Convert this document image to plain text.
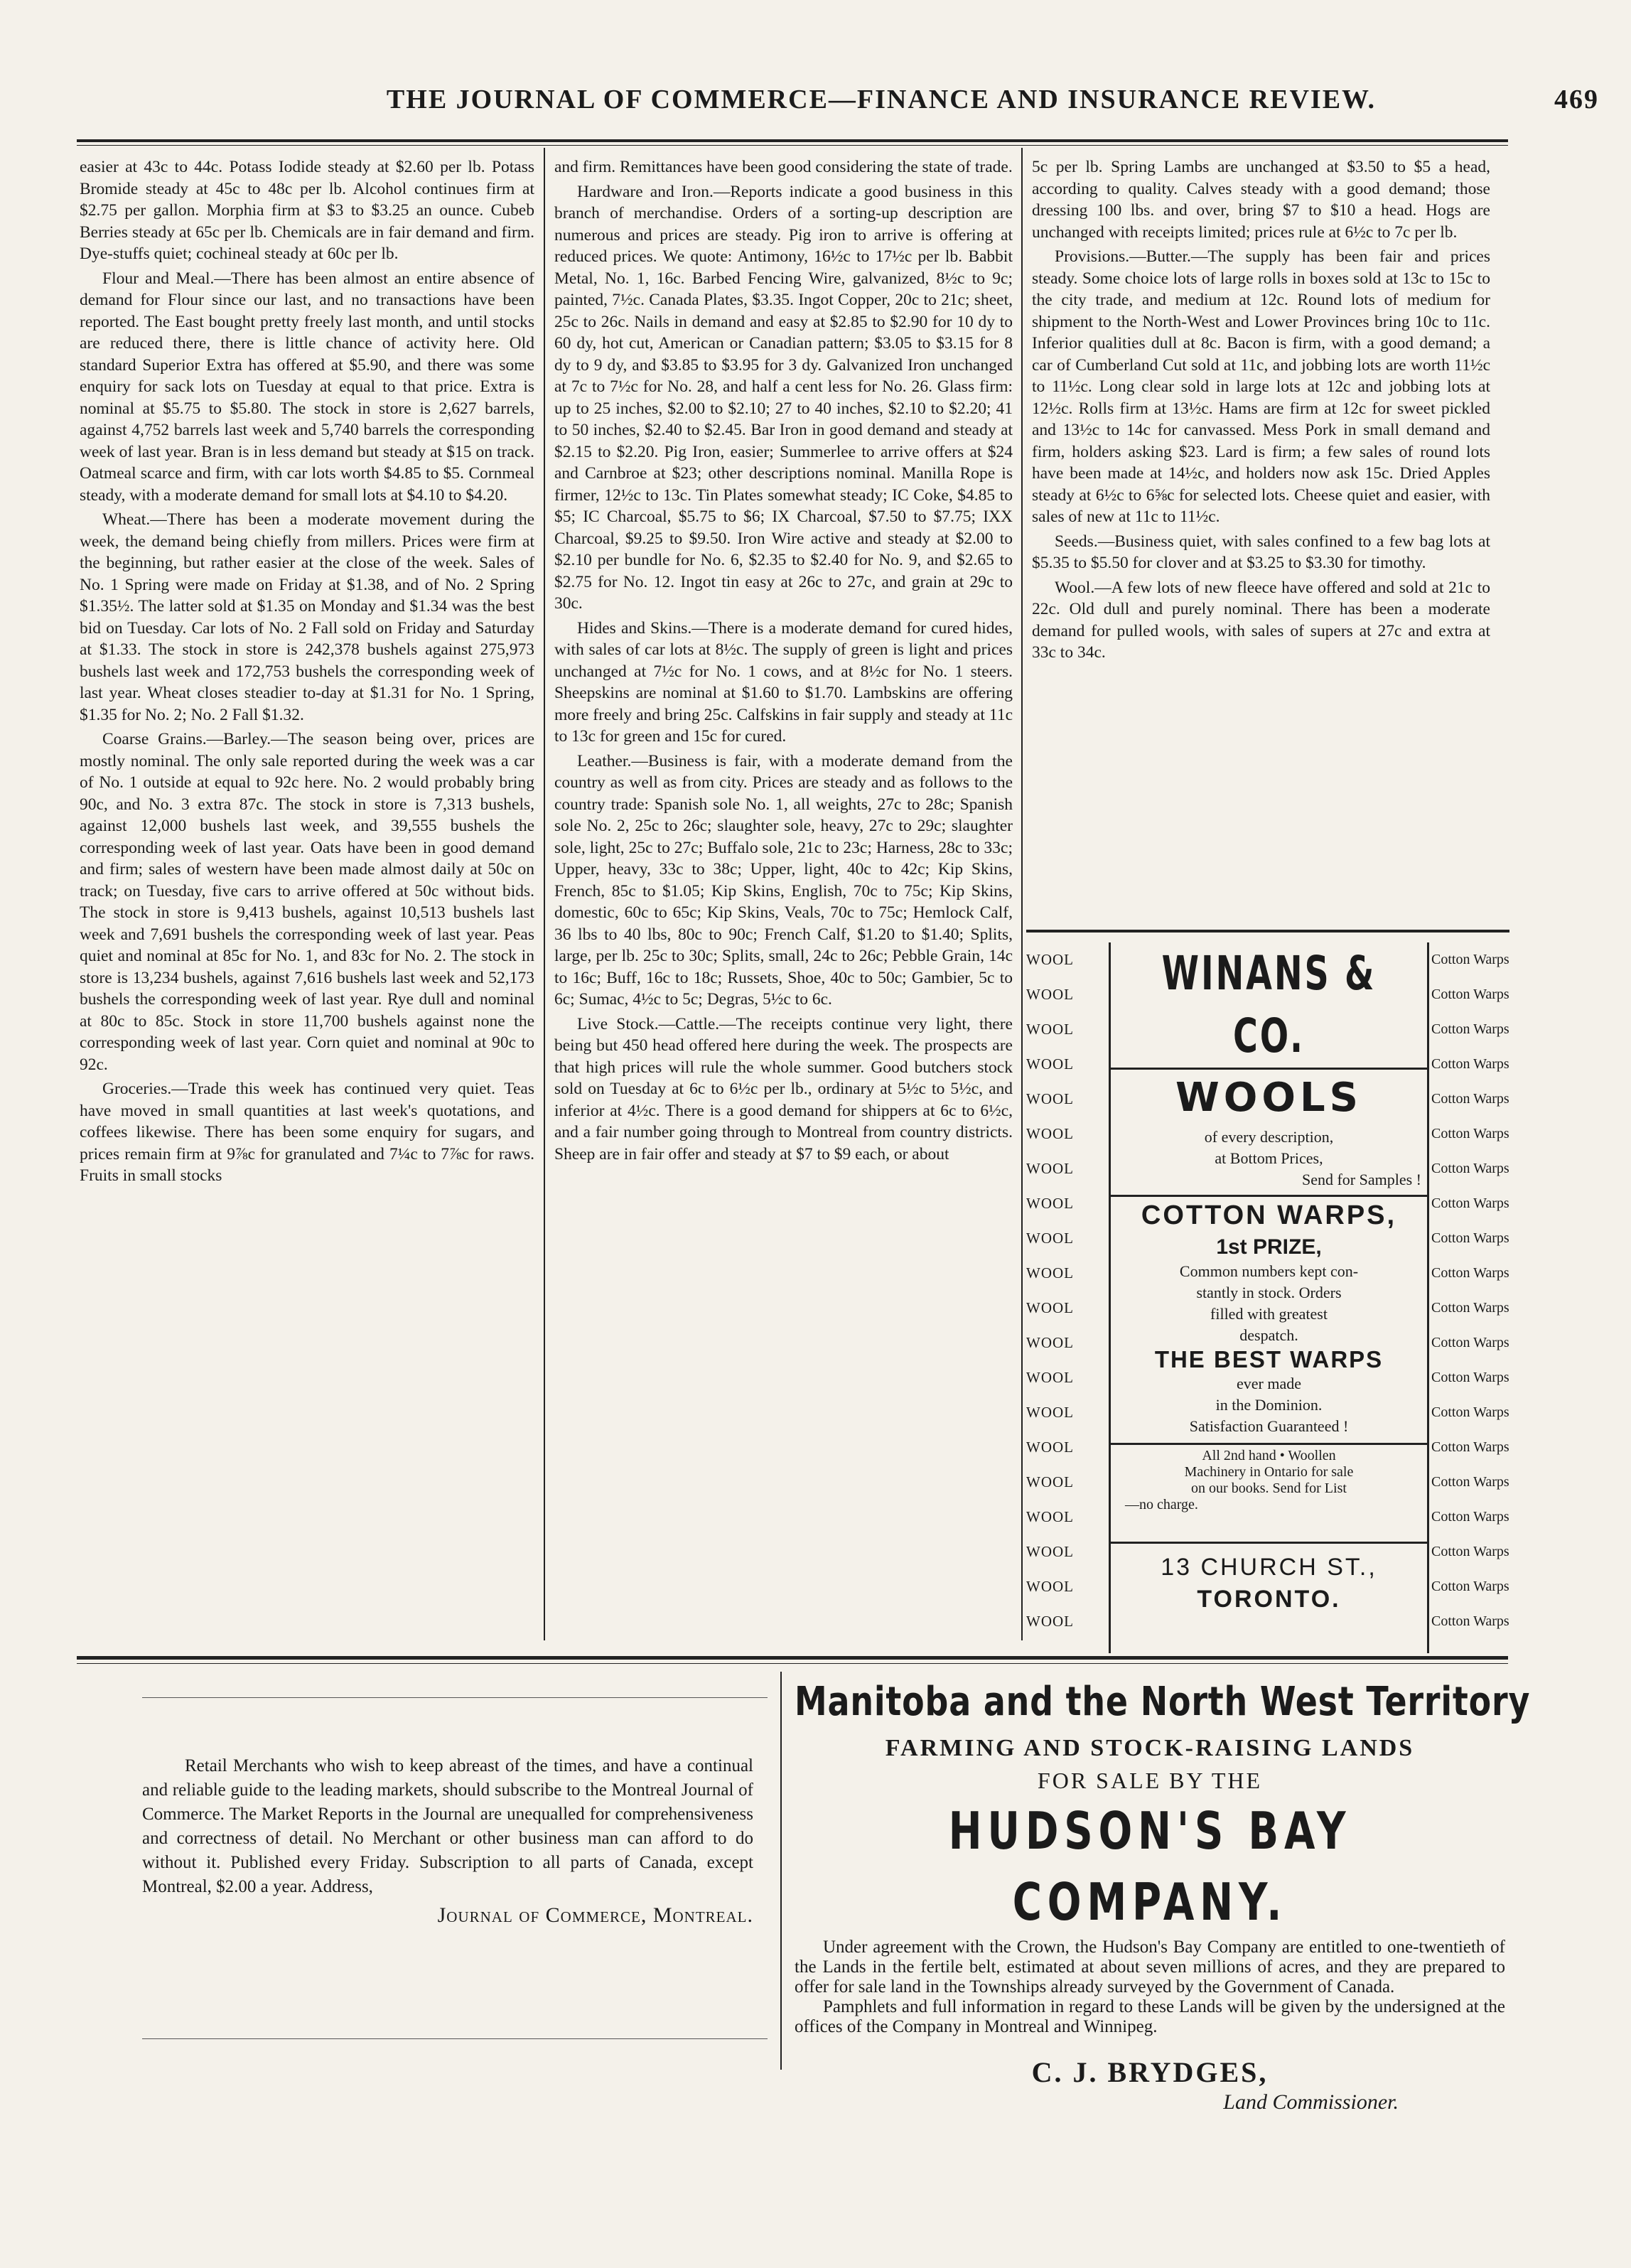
THE JOURNAL OF COMMERCE—FINANCE AND INSURANCE REVIEW.	469

easier at 43c to 44c. Potass Iodide steady at $2.60 per lb. Potass Bromide steady at 45c to 48c per lb. Alcohol continues firm at $2.75 per gallon. Morphia firm at $3 to $3.25 an ounce. Cubeb Berries steady at 65c per lb. Chemicals are in fair demand and firm. Dye-stuffs quiet; cochineal steady at 60c per lb.

Flour and Meal.—There has been almost an entire absence of demand for Flour since our last, and no transactions have been reported. The East bought pretty freely last month, and until stocks are reduced there, there is little chance of activity here. Old standard Superior Extra has offered at $5.90, and there was some enquiry for sack lots on Tuesday at equal to that price. Extra is nominal at $5.75 to $5.80. The stock in store is 2,627 barrels, against 4,752 barrels last week and 5,740 barrels the corresponding week of last year. Bran is in less demand but steady at $15 on track. Oatmeal scarce and firm, with car lots worth $4.85 to $5. Cornmeal steady, with a moderate demand for small lots at $4.10 to $4.20.

Wheat.—There has been a moderate movement during the week, the demand being chiefly from millers. Prices were firm at the beginning, but rather easier at the close of the week. Sales of No. 1 Spring were made on Friday at $1.38, and of No. 2 Spring $1.35½. The latter sold at $1.35 on Monday and $1.34 was the best bid on Tuesday. Car lots of No. 2 Fall sold on Friday and Saturday at $1.33. The stock in store is 242,378 bushels against 275,973 bushels last week and 172,753 bushels the corresponding week of last year. Wheat closes steadier to-day at $1.31 for No. 1 Spring, $1.35 for No. 2; No. 2 Fall $1.32.

Coarse Grains.—Barley.—The season being over, prices are mostly nominal. The only sale reported during the week was a car of No. 1 outside at equal to 92c here. No. 2 would probably bring 90c, and No. 3 extra 87c. The stock in store is 7,313 bushels, against 12,000 bushels last week, and 39,555 bushels the corresponding week of last year. Oats have been in good demand and firm; sales of western have been made almost daily at 50c on track; on Tuesday, five cars to arrive offered at 50c without bids. The stock in store is 9,413 bushels, against 10,513 bushels last week and 7,691 bushels the corresponding week of last year. Peas quiet and nominal at 85c for No. 1, and 83c for No. 2. The stock in store is 13,234 bushels, against 7,616 bushels last week and 52,173 bushels the corresponding week of last year. Rye dull and nominal at 80c to 85c. Stock in store 11,700 bushels against none the corresponding week of last year. Corn quiet and nominal at 90c to 92c.

Groceries.—Trade this week has continued very quiet. Teas have moved in small quantities at last week's quotations, and coffees likewise. There has been some enquiry for sugars, and prices remain firm at 9⅞c for granulated and 7¼c to 7⅞c for raws. Fruits in small stocks

and firm. Remittances have been good considering the state of trade.

Hardware and Iron.—Reports indicate a good business in this branch of merchandise. Orders of a sorting-up description are numerous and prices are steady. Pig iron to arrive is offering at reduced prices. We quote: Antimony, 16½c to 17½c per lb. Babbit Metal, No. 1, 16c. Barbed Fencing Wire, galvanized, 8½c to 9c; painted, 7½c. Canada Plates, $3.35. Ingot Copper, 20c to 21c; sheet, 25c to 26c. Nails in demand and easy at $2.85 to $2.90 for 10 dy to 60 dy, hot cut, American or Canadian pattern; $3.05 to $3.15 for 8 dy to 9 dy, and $3.85 to $3.95 for 3 dy. Galvanized Iron unchanged at 7c to 7½c for No. 28, and half a cent less for No. 26. Glass firm: up to 25 inches, $2.00 to $2.10; 27 to 40 inches, $2.10 to $2.20; 41 to 50 inches, $2.40 to $2.45. Bar Iron in good demand and steady at $2.15 to $2.20. Pig Iron, easier; Summerlee to arrive offers at $24 and Carnbroe at $23; other descriptions nominal. Manilla Rope is firmer, 12½c to 13c. Tin Plates somewhat steady; IC Coke, $4.85 to $5; IC Charcoal, $5.75 to $6; IX Charcoal, $7.50 to $7.75; IXX Charcoal, $9.25 to $9.50. Iron Wire active and steady at $2.00 to $2.10 per bundle for No. 6, $2.35 to $2.40 for No. 9, and $2.65 to $2.75 for No. 12. Ingot tin easy at 26c to 27c, and grain at 29c to 30c.

Hides and Skins.—There is a moderate demand for cured hides, with sales of car lots at 8½c. The supply of green is light and prices unchanged at 7½c for No. 1 cows, and at 8½c for No. 1 steers. Sheepskins are nominal at $1.60 to $1.70. Lambskins are offering more freely and bring 25c. Calfskins in fair supply and steady at 11c to 13c for green and 15c for cured.

Leather.—Business is fair, with a moderate demand from the country as well as from city. Prices are steady and as follows to the country trade: Spanish sole No. 1, all weights, 27c to 28c; Spanish sole No. 2, 25c to 26c; slaughter sole, heavy, 27c to 29c; slaughter sole, light, 25c to 27c; Buffalo sole, 21c to 23c; Harness, 28c to 33c; Upper, heavy, 33c to 38c; Upper, light, 40c to 42c; Kip Skins, French, 85c to $1.05; Kip Skins, English, 70c to 75c; Kip Skins, domestic, 60c to 65c; Kip Skins, Veals, 70c to 75c; Hemlock Calf, 36 lbs to 40 lbs, 80c to 90c; French Calf, $1.20 to $1.40; Splits, large, per lb. 25c to 30c; Splits, small, 24c to 26c; Pebble Grain, 14c to 16c; Buff, 16c to 18c; Russets, Shoe, 40c to 50c; Gambier, 5c to 6c; Sumac, 4½c to 5c; Degras, 5½c to 6c.

Live Stock.—Cattle.—The receipts continue very light, there being but 450 head offered here during the week. The prospects are that high prices will rule the whole summer. Good butchers stock sold on Tuesday at 6c to 6½c per lb., ordinary at 5½c to 5½c, and inferior at 4½c. There is a good demand for shippers at 6c to 6½c, and a fair number going through to Montreal from country districts. Sheep are in fair offer and steady at $7 to $9 each, or about

5c per lb. Spring Lambs are unchanged at $3.50 to $5 a head, according to quality. Calves steady with a good demand; those dressing 100 lbs. and over, bring $7 to $10 a head. Hogs are unchanged with receipts limited; prices rule at 6½c to 7c per lb.

Provisions.—Butter.—The supply has been fair and prices steady. Some choice lots of large rolls in boxes sold at 13c to 15c to the city trade, and medium at 12c. Round lots of medium for shipment to the North-West and Lower Provinces bring 10c to 11c. Inferior qualities dull at 8c. Bacon is firm, with a good demand; a car of Cumberland Cut sold at 11c, and jobbing lots are worth 11½c to 11½c. Long clear sold in large lots at 12c and jobbing lots at 12½c. Rolls firm at 13½c. Hams are firm at 12c for sweet pickled and 13½c to 14c for canvassed. Mess Pork in small demand and firm, holders asking $23. Lard is firm; a few sales of round lots have been made at 14½c, and holders now ask 15c. Dried Apples steady at 6½c to 6⅝c for selected lots. Cheese quiet and easier, with sales of new at 11c to 11½c.

Seeds.—Business quiet, with sales confined to a few bag lots at $5.35 to $5.50 for clover and at $3.25 to $3.30 for timothy.

Wool.—A few lots of new fleece have offered and sold at 21c to 22c. Old dull and purely nominal. There has been a moderate demand for pulled wools, with sales of supers at 27c and extra at 33c to 34c.

WOOL
WOOL
WOOL
WOOL
WOOL
WOOL
WOOL
WOOL
WOOL
WOOL
WOOL
WOOL
WOOL
WOOL
WOOL
WOOL
WOOL
WOOL
WOOL
WOOL
WINANS & CO.
WOOLS
of every description,
at Bottom Prices,
Send for Samples !
COTTON WARPS,
1st PRIZE,
Common numbers kept con-
stantly in stock. Orders
filled with greatest
despatch.
THE BEST WARPS
ever made
in the Dominion.
Satisfaction Guaranteed !
All 2nd hand • Woollen
Machinery in Ontario for sale
on our books. Send for List
—no charge.
13 CHURCH ST.,
TORONTO.
Cotton Warps
Cotton Warps
Cotton Warps
Cotton Warps
Cotton Warps
Cotton Warps
Cotton Warps
Cotton Warps
Cotton Warps
Cotton Warps
Cotton Warps
Cotton Warps
Cotton Warps
Cotton Warps
Cotton Warps
Cotton Warps
Cotton Warps
Cotton Warps
Cotton Warps
Cotton Warps

Retail Merchants who wish to keep abreast of the times, and have a continual and reliable guide to the leading markets, should subscribe to the Montreal Journal of Commerce. The Market Reports in the Journal are unequalled for comprehensiveness and correctness of detail. No Merchant or other business man can afford to do without it. Published every Friday. Subscription to all parts of Canada, except Montreal, $2.00 a year. Address,

Journal of Commerce, Montreal.
Manitoba and the North West Territory
FARMING AND STOCK-RAISING LANDS
FOR SALE BY THE
HUDSON'S BAY COMPANY.

Under agreement with the Crown, the Hudson's Bay Company are entitled to one-twentieth of the Lands in the fertile belt, estimated at about seven millions of acres, and they are prepared to offer for sale land in the Townships already surveyed by the Government of Canada.

Pamphlets and full information in regard to these Lands will be given by the undersigned at the offices of the Company in Montreal and Winnipeg.

C. J. BRYDGES,
Land Commissioner.
